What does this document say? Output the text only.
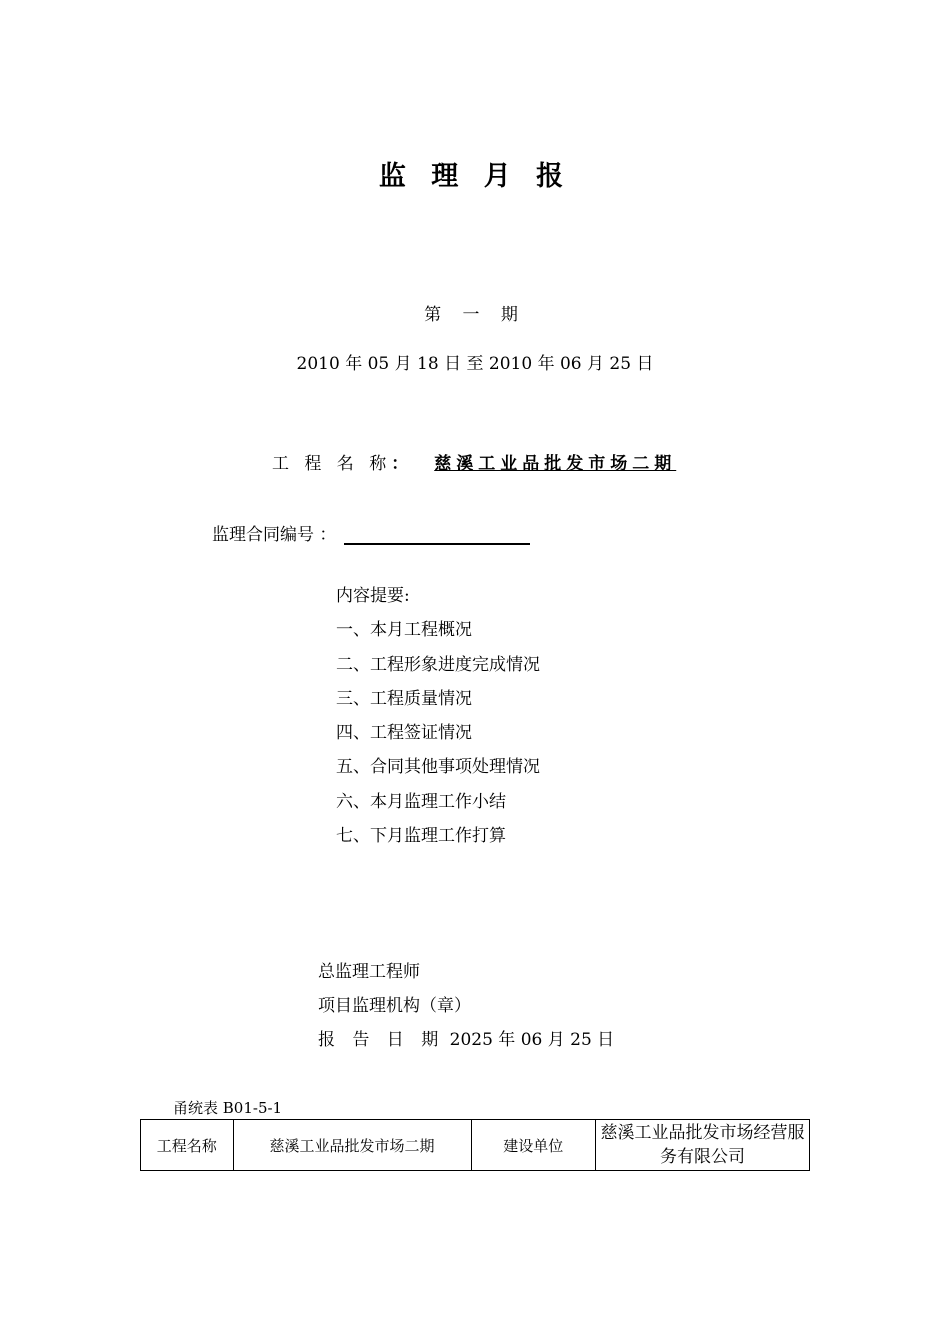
监 理 月 报
第 一 期
2010 年 05 月 18 日 至 2010 年 06 月 25 日
工 程 名 称： 慈溪工业品批发市场二期
监理合同编号 ：
内容提要:
一、本月工程概况
二、工程形象进度完成情况
三、工程质量情况
四、工程签证情况
五、合同其他事项处理情况
六、本月监理工作小结
七、下月监理工作打算
总监理工程师
项目监理机构（章）
报 告 日 期 2025 年 06 月 25 日
甬统表 B01-5-1
工程名称	慈溪工业品批发市场二期	建设单位	慈溪工业品批发市场经营服务有限公司
